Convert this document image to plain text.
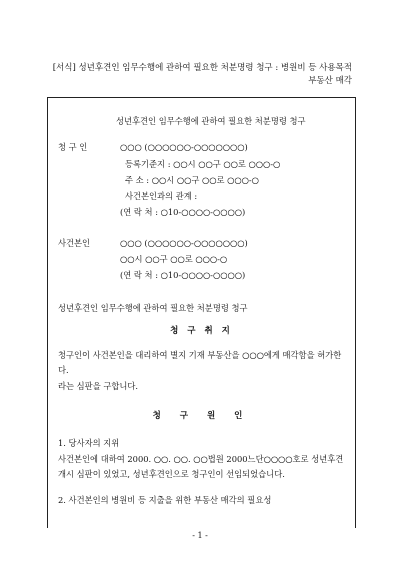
[서식] 성년후견인 임무수행에 관하여 필요한 처분명령 청구 : 병원비 등 사용목적
부동산 매각
성년후견인 임무수행에 관하여 필요한 처분명령 청구
청 구 인	○○○ (○○○○○○-○○○○○○○)
등록기준지 : ○○시 ○○구 ○○로 ○○○-○
주 소 : ○○시 ○○구 ○○로 ○○○-○
사건본인과의 관계 :
(연 락 처 : ○10-○○○○-○○○○)
사건본인	○○○ (○○○○○○-○○○○○○○)
○○시 ○○구 ○○로 ○○○-○
(연 락 처 : ○10-○○○○-○○○○)
성년후견인 임무수행에 관하여 필요한 처분명령 청구
청 구 취 지
청구인이 사건본인을 대리하여 별지 기재 부동산을 ○○○에게 매각함을 허가한다.
라는 심판을 구합니다.
청 구 원 인
1. 당사자의 지위
사건본인에 대하여 2000. ○○. ○○. ○○법원 2000느단○○○○호로 성년후견개시 심판이 있었고, 성년후견인으로 청구인이 선임되었습니다.
2. 사건본인의 병원비 등 지출을 위한 부동산 매각의 필요성
- 1 -
